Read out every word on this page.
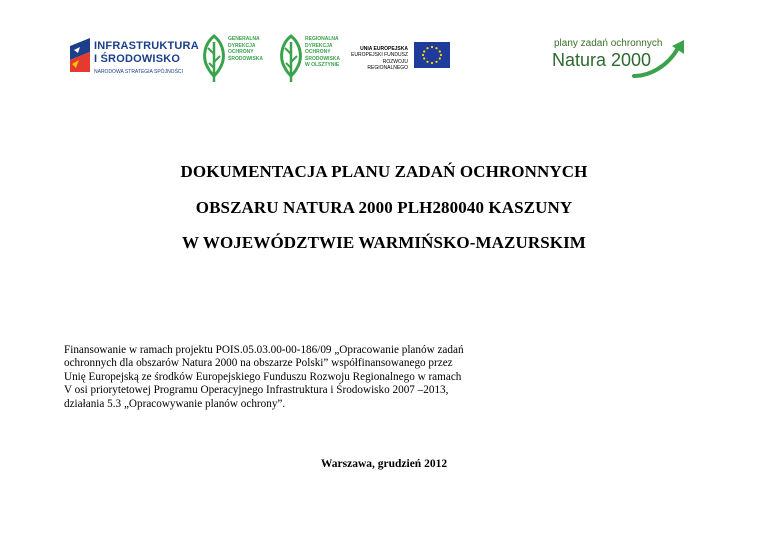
INFRASTRUKTURA
I ŚRODOWISKO
NARODOWA STRATEGIA SPÓJNOŚCI
GENERALNA
DYREKCJA
OCHRONY
ŚRODOWISKA
REGIONALNA
DYREKCJA
OCHRONY
ŚRODOWISKA
W OLSZTYNIE
UNIA EUROPEJSKA
EUROPEJSKI FUNDUSZ
ROZWOJU REGIONALNEGO
plany zadań ochronnych
Natura 2000
DOKUMENTACJA PLANU ZADAŃ OCHRONNYCH
OBSZARU NATURA 2000 PLH280040 KASZUNY
W WOJEWÓDZTWIE WARMIŃSKO-MAZURSKIM
Finansowanie w ramach projektu POIS.05.03.00-00-186/09 „Opracowanie planów zadań
ochronnych dla obszarów Natura 2000 na obszarze Polski” współfinansowanego przez
Unię Europejską ze środków Europejskiego Funduszu Rozwoju Regionalnego w ramach
V osi priorytetowej Programu Operacyjnego Infrastruktura i Środowisko 2007 –2013,
działania 5.3 „Opracowywanie planów ochrony”.
Warszawa, grudzień 2012
